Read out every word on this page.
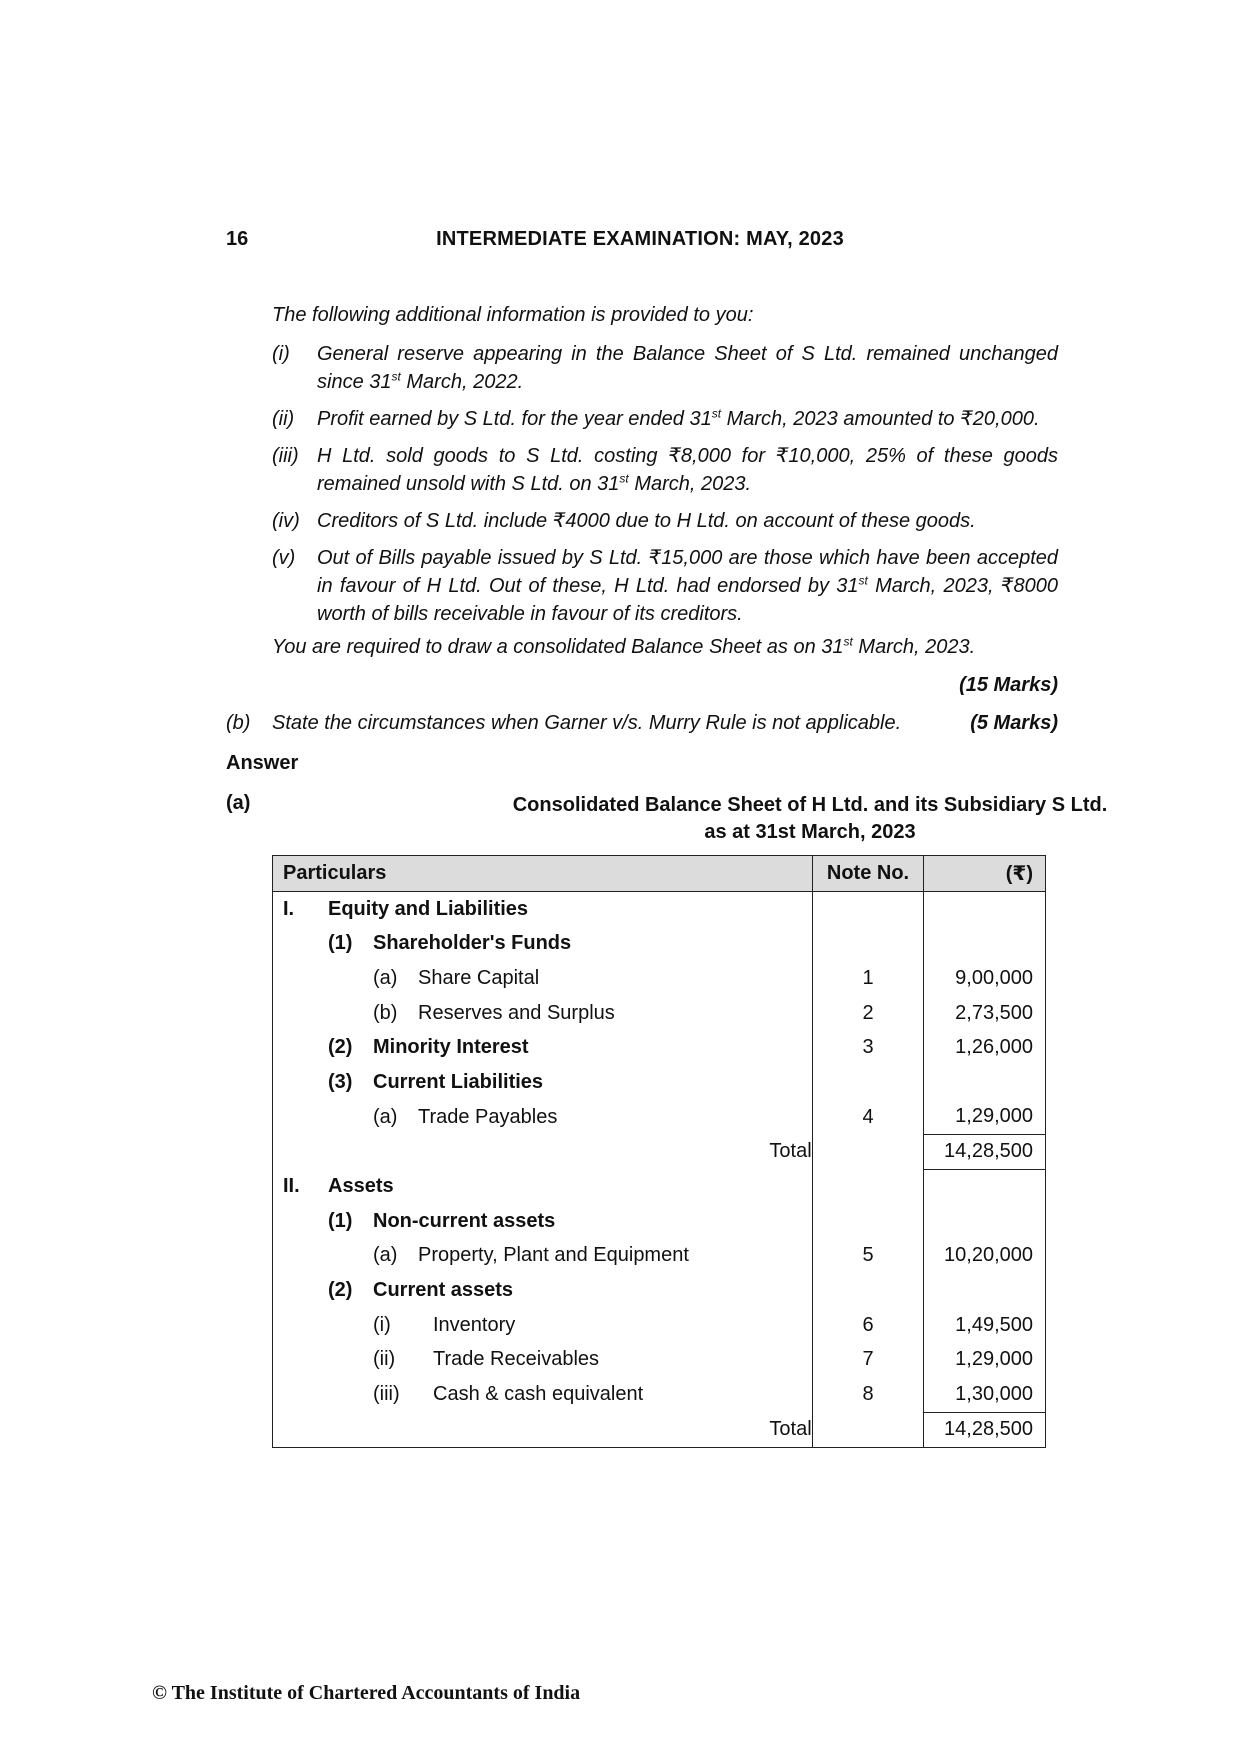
16	INTERMEDIATE EXAMINATION: MAY, 2023
The following additional information is provided to you:
(i)	General reserve appearing in the Balance Sheet of S Ltd. remained unchanged since 31st March, 2022.
(ii)	Profit earned by S Ltd. for the year ended 31st March, 2023 amounted to ₹20,000.
(iii) H Ltd. sold goods to S Ltd. costing ₹8,000 for ₹10,000, 25% of these goods remained unsold with S Ltd. on 31st March, 2023.
(iv) Creditors of S Ltd. include ₹4000 due to H Ltd. on account of these goods.
(v)	Out of Bills payable issued by S Ltd. ₹15,000 are those which have been accepted in favour of H Ltd. Out of these, H Ltd. had endorsed by 31st March, 2023, ₹8000 worth of bills receivable in favour of its creditors.
You are required to draw a consolidated Balance Sheet as on 31st March, 2023.
(15 Marks)
(b) State the circumstances when Garner v/s. Murry Rule is not applicable.	(5 Marks)
Answer
(a)	Consolidated Balance Sheet of H Ltd. and its Subsidiary S Ltd.
as at 31st March, 2023
Particulars	Note No.	(₹)
I. Equity and Liabilities		
(1) Shareholder's Funds		
(a) Share Capital	1	9,00,000
(b) Reserves and Surplus	2	2,73,500
(2) Minority Interest	3	1,26,000
(3) Current Liabilities		
(a) Trade Payables	4	1,29,000
Total		14,28,500
II. Assets		
(1) Non-current assets		
(a) Property, Plant and Equipment	5	10,20,000
(2) Current assets		
(i) Inventory	6	1,49,500
(ii) Trade Receivables	7	1,29,000
(iii) Cash & cash equivalent	8	1,30,000
Total		14,28,500
© The Institute of Chartered Accountants of India
